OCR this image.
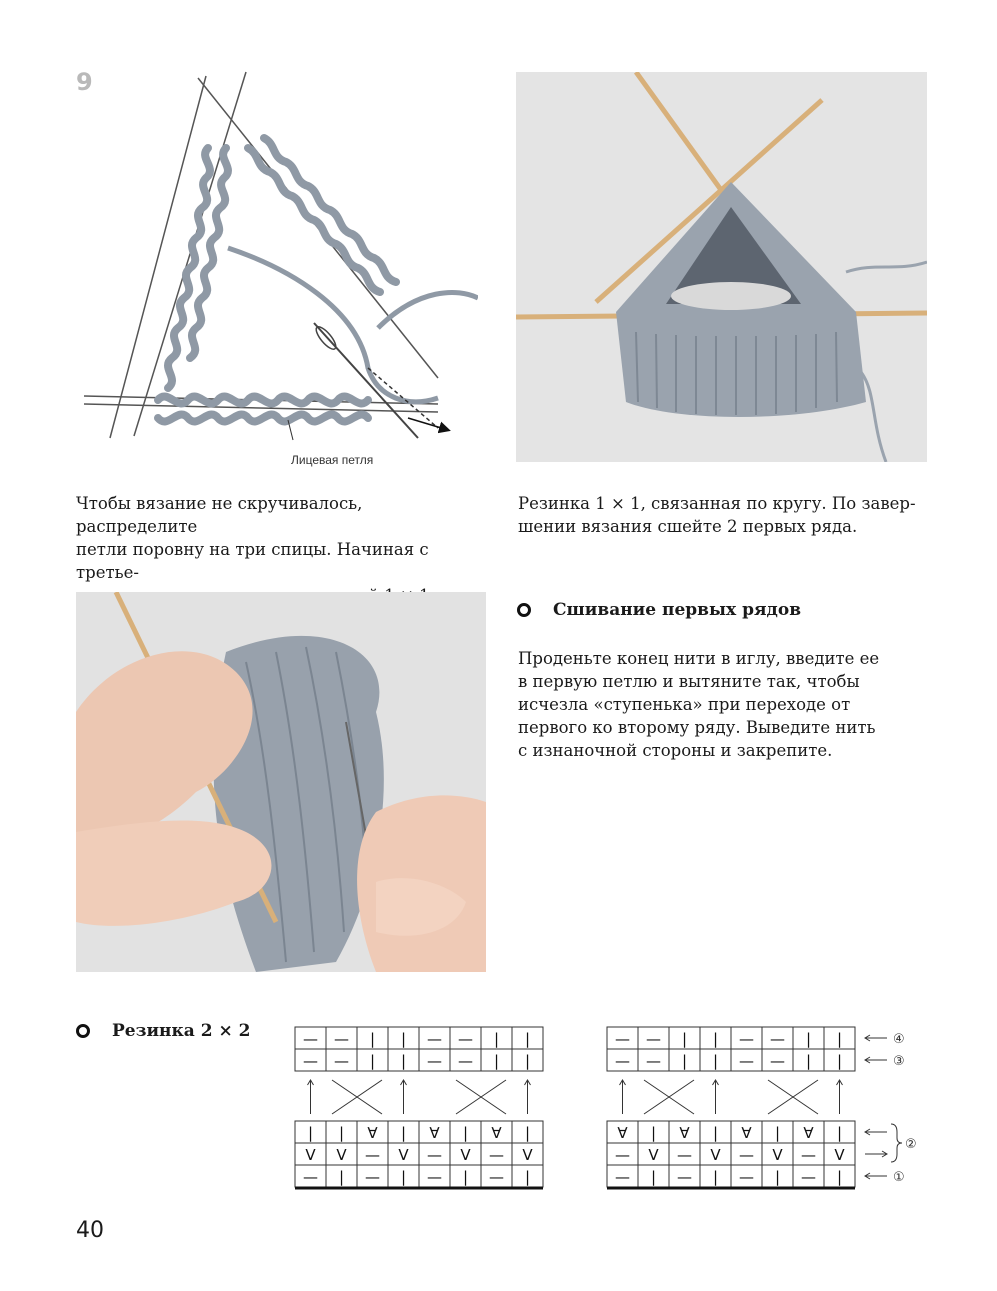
9
Лицевая петля
Чтобы вязание не скручивалось, распределите
петли поровну на три спицы. Начиная с третье-
Резинка 1 × 1, связанная по кругу. По завер-
шении вязания сшейте 2 первых ряда.
Сшивание первых рядов
Проденьте конец нити в иглу, введите ее
в первую петлю и вытяните так, чтобы
исчезла «ступенька» при переходе от
первого ко второму ряду. Выведите нить
с изнаночной стороны и закрепите.
Резинка 2 × 2	— — | | — — | |	— — | | — — | |
— — | | — — | |	— — | | — — | |
| | ∀ | ∀ | ∀ |	∀ | ∀ | ∀ | ∀ |
V V — V — V — V	— V — V — V — V
— | — | — | — |	— | — | — | — |
④
③
①
②
40
